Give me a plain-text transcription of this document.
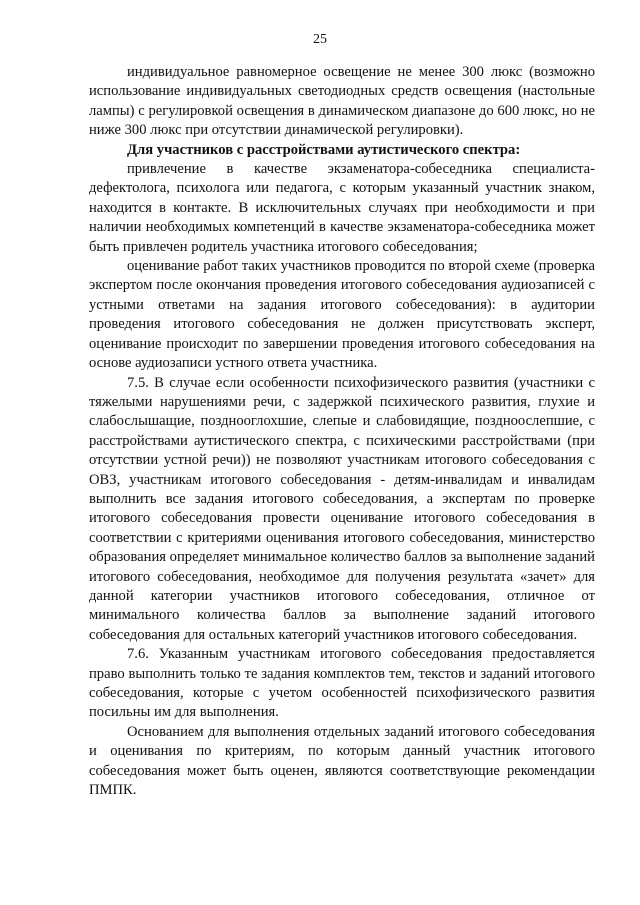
25

индивидуальное равномерное освещение не менее 300 люкс (возможно использование индивидуальных светодиодных средств освещения (настольные лампы) с регулировкой освещения в динамическом диапазоне до 600 люкс, но не ниже 300 люкс при отсутствии динамической регулировки).

Для участников с расстройствами аутистического спектра:

привлечение в качестве экзаменатора-собеседника специалиста-дефектолога, психолога или педагога, с которым указанный участник знаком, находится в контакте. В исключительных случаях при необходимости и при наличии необходимых компетенций в качестве экзаменатора-собеседника может быть привлечен родитель участника итогового собеседования;

оценивание работ таких участников проводится по второй схеме (проверка экспертом после окончания проведения итогового собеседования аудиозаписей с устными ответами на задания итогового собеседования): в аудитории проведения итогового собеседования не должен присутствовать эксперт, оценивание происходит по завершении проведения итогового собеседования на основе аудиозаписи устного ответа участника.

7.5. В случае если особенности психофизического развития (участники с тяжелыми нарушениями речи, с задержкой психического развития, глухие и слабослышащие, позднооглохшие, слепые и слабовидящие, поздноослепшие, с расстройствами аутистического спектра, с психическими расстройствами (при отсутствии устной речи)) не позволяют участникам итогового собеседования с ОВЗ, участникам итогового собеседования - детям-инвалидам и инвалидам выполнить все задания итогового собеседования, а экспертам по проверке итогового собеседования провести оценивание итогового собеседования в соответствии с критериями оценивания итогового собеседования, министерство образования определяет минимальное количество баллов за выполнение заданий итогового собеседования, необходимое для получения результата «зачет» для данной категории участников итогового собеседования, отличное от минимального количества баллов за выполнение заданий итогового собеседования для остальных категорий участников итогового собеседования.

7.6. Указанным участникам итогового собеседования предоставляется право выполнить только те задания комплектов тем, текстов и заданий итогового собеседования, которые с учетом особенностей психофизического развития посильны им для выполнения.

Основанием для выполнения отдельных заданий итогового собеседования и оценивания по критериям, по которым данный участник итогового собеседования может быть оценен, являются соответствующие рекомендации ПМПК.
